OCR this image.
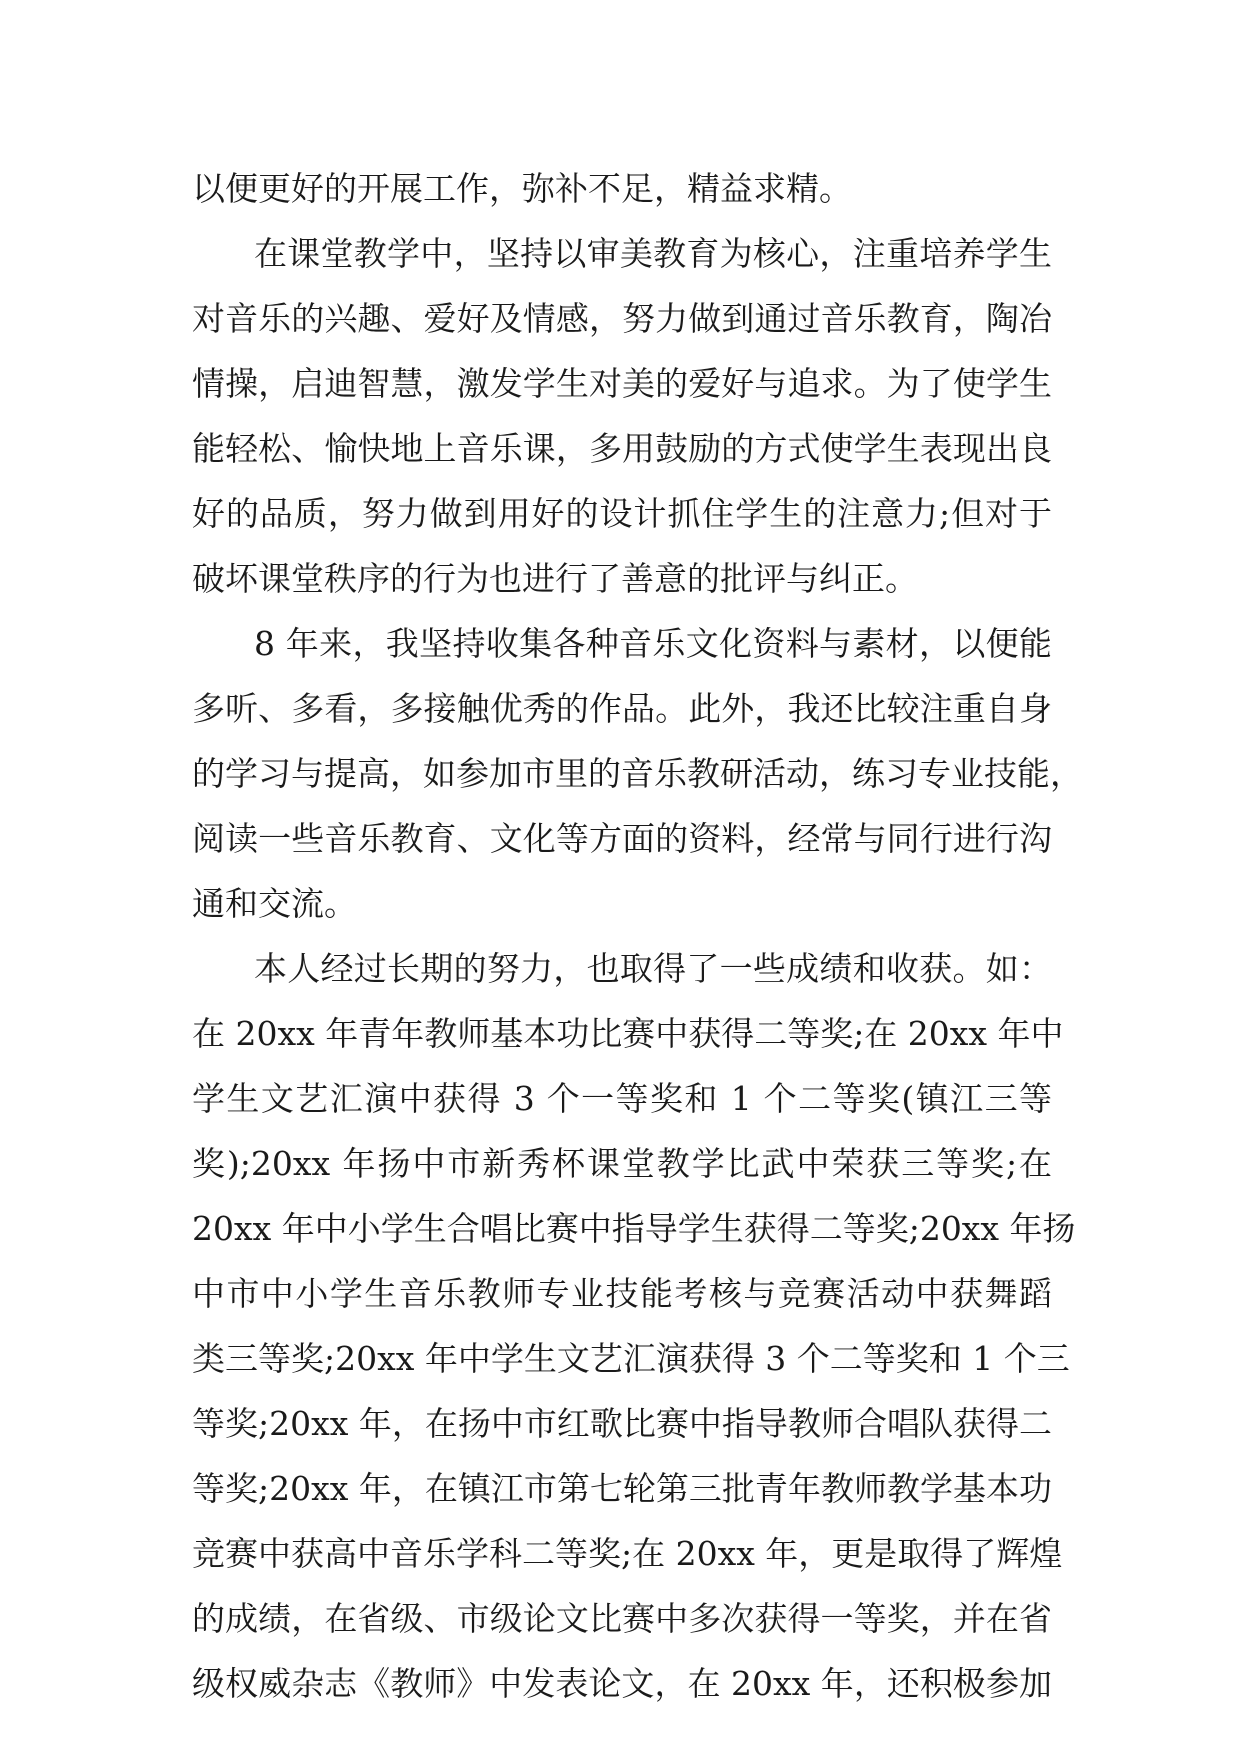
以便更好的开展工作，弥补不足，精益求精。
在课堂教学中，坚持以审美教育为核心，注重培养学生
对音乐的兴趣、爱好及情感，努力做到通过音乐教育，陶冶
情操，启迪智慧，激发学生对美的爱好与追求。为了使学生
能轻松、愉快地上音乐课，多用鼓励的方式使学生表现出良
好的品质，努力做到用好的设计抓住学生的注意力;但对于
破坏课堂秩序的行为也进行了善意的批评与纠正。
8 年来，我坚持收集各种音乐文化资料与素材，以便能
多听、多看，多接触优秀的作品。此外，我还比较注重自身
的学习与提高，如参加市里的音乐教研活动，练习专业技能，
阅读一些音乐教育、文化等方面的资料，经常与同行进行沟
通和交流。
本人经过长期的努力，也取得了一些成绩和收获。如：
在 20xx 年青年教师基本功比赛中获得二等奖;在 20xx 年中
学生文艺汇演中获得 3 个一等奖和 1 个二等奖(镇江三等
奖);20xx 年扬中市新秀杯课堂教学比武中荣获三等奖;在
20xx 年中小学生合唱比赛中指导学生获得二等奖;20xx 年扬
中市中小学生音乐教师专业技能考核与竞赛活动中获舞蹈
类三等奖;20xx 年中学生文艺汇演获得 3 个二等奖和 1 个三
等奖;20xx 年，在扬中市红歌比赛中指导教师合唱队获得二
等奖;20xx 年，在镇江市第七轮第三批青年教师教学基本功
竞赛中获高中音乐学科二等奖;在 20xx 年，更是取得了辉煌
的成绩，在省级、市级论文比赛中多次获得一等奖，并在省
级权威杂志《教师》中发表论文，在 20xx 年，还积极参加
